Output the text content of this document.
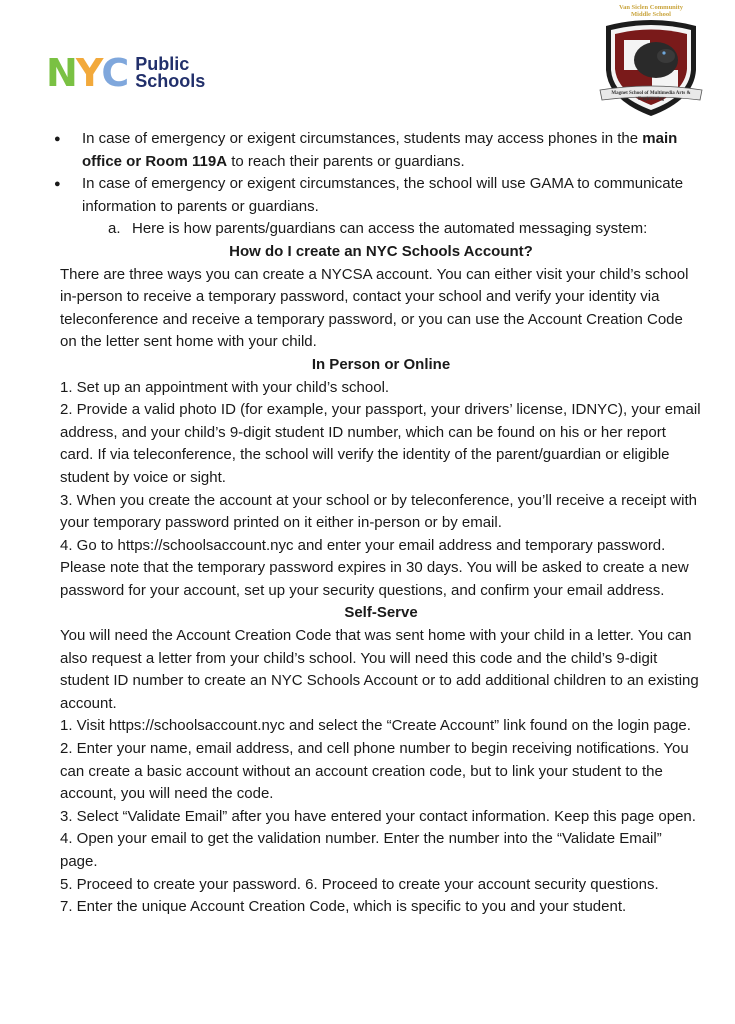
N Y C Public
Schools
Van Siclen Community
Middle School
Magnet School of Multimedia Arts &
Engineering

● In case of emergency or exigent circumstances, students may access phones in the main office or Room 119A to reach their parents or guardians.

● In case of emergency or exigent circumstances, the school will use GAMA to communicate information to parents or guardians.

a. Here is how parents/guardians can access the automated messaging system:

How do I create an NYC Schools Account?

There are three ways you can create a NYCSA account. You can either visit your child’s school in-person to receive a temporary password, contact your school and verify your identity via teleconference and receive a temporary password, or you can use the Account Creation Code on the letter sent home with your child.

In Person or Online

1. Set up an appointment with your child’s school.

2. Provide a valid photo ID (for example, your passport, your drivers’ license, IDNYC), your email address, and your child’s 9-digit student ID number, which can be found on his or her report card. If via teleconference, the school will verify the identity of the parent/guardian or eligible student by voice or sight.

3. When you create the account at your school or by teleconference, you’ll receive a receipt with your temporary password printed on it either in-person or by email.

4. Go to https://schoolsaccount.nyc and enter your email address and temporary password. Please note that the temporary password expires in 30 days. You will be asked to create a new password for your account, set up your security questions, and confirm your email address.

Self-Serve

You will need the Account Creation Code that was sent home with your child in a letter. You can also request a letter from your child’s school. You will need this code and the child’s 9-digit student ID number to create an NYC Schools Account or to add additional children to an existing account.

1. Visit https://schoolsaccount.nyc and select the “Create Account” link found on the login page.

2. Enter your name, email address, and cell phone number to begin receiving notifications. You can create a basic account without an account creation code, but to link your student to the account, you will need the code.

3. Select “Validate Email” after you have entered your contact information. Keep this page open.

4. Open your email to get the validation number. Enter the number into the “Validate Email” page.

5. Proceed to create your password. 6. Proceed to create your account security questions.

7. Enter the unique Account Creation Code, which is specific to you and your student.
